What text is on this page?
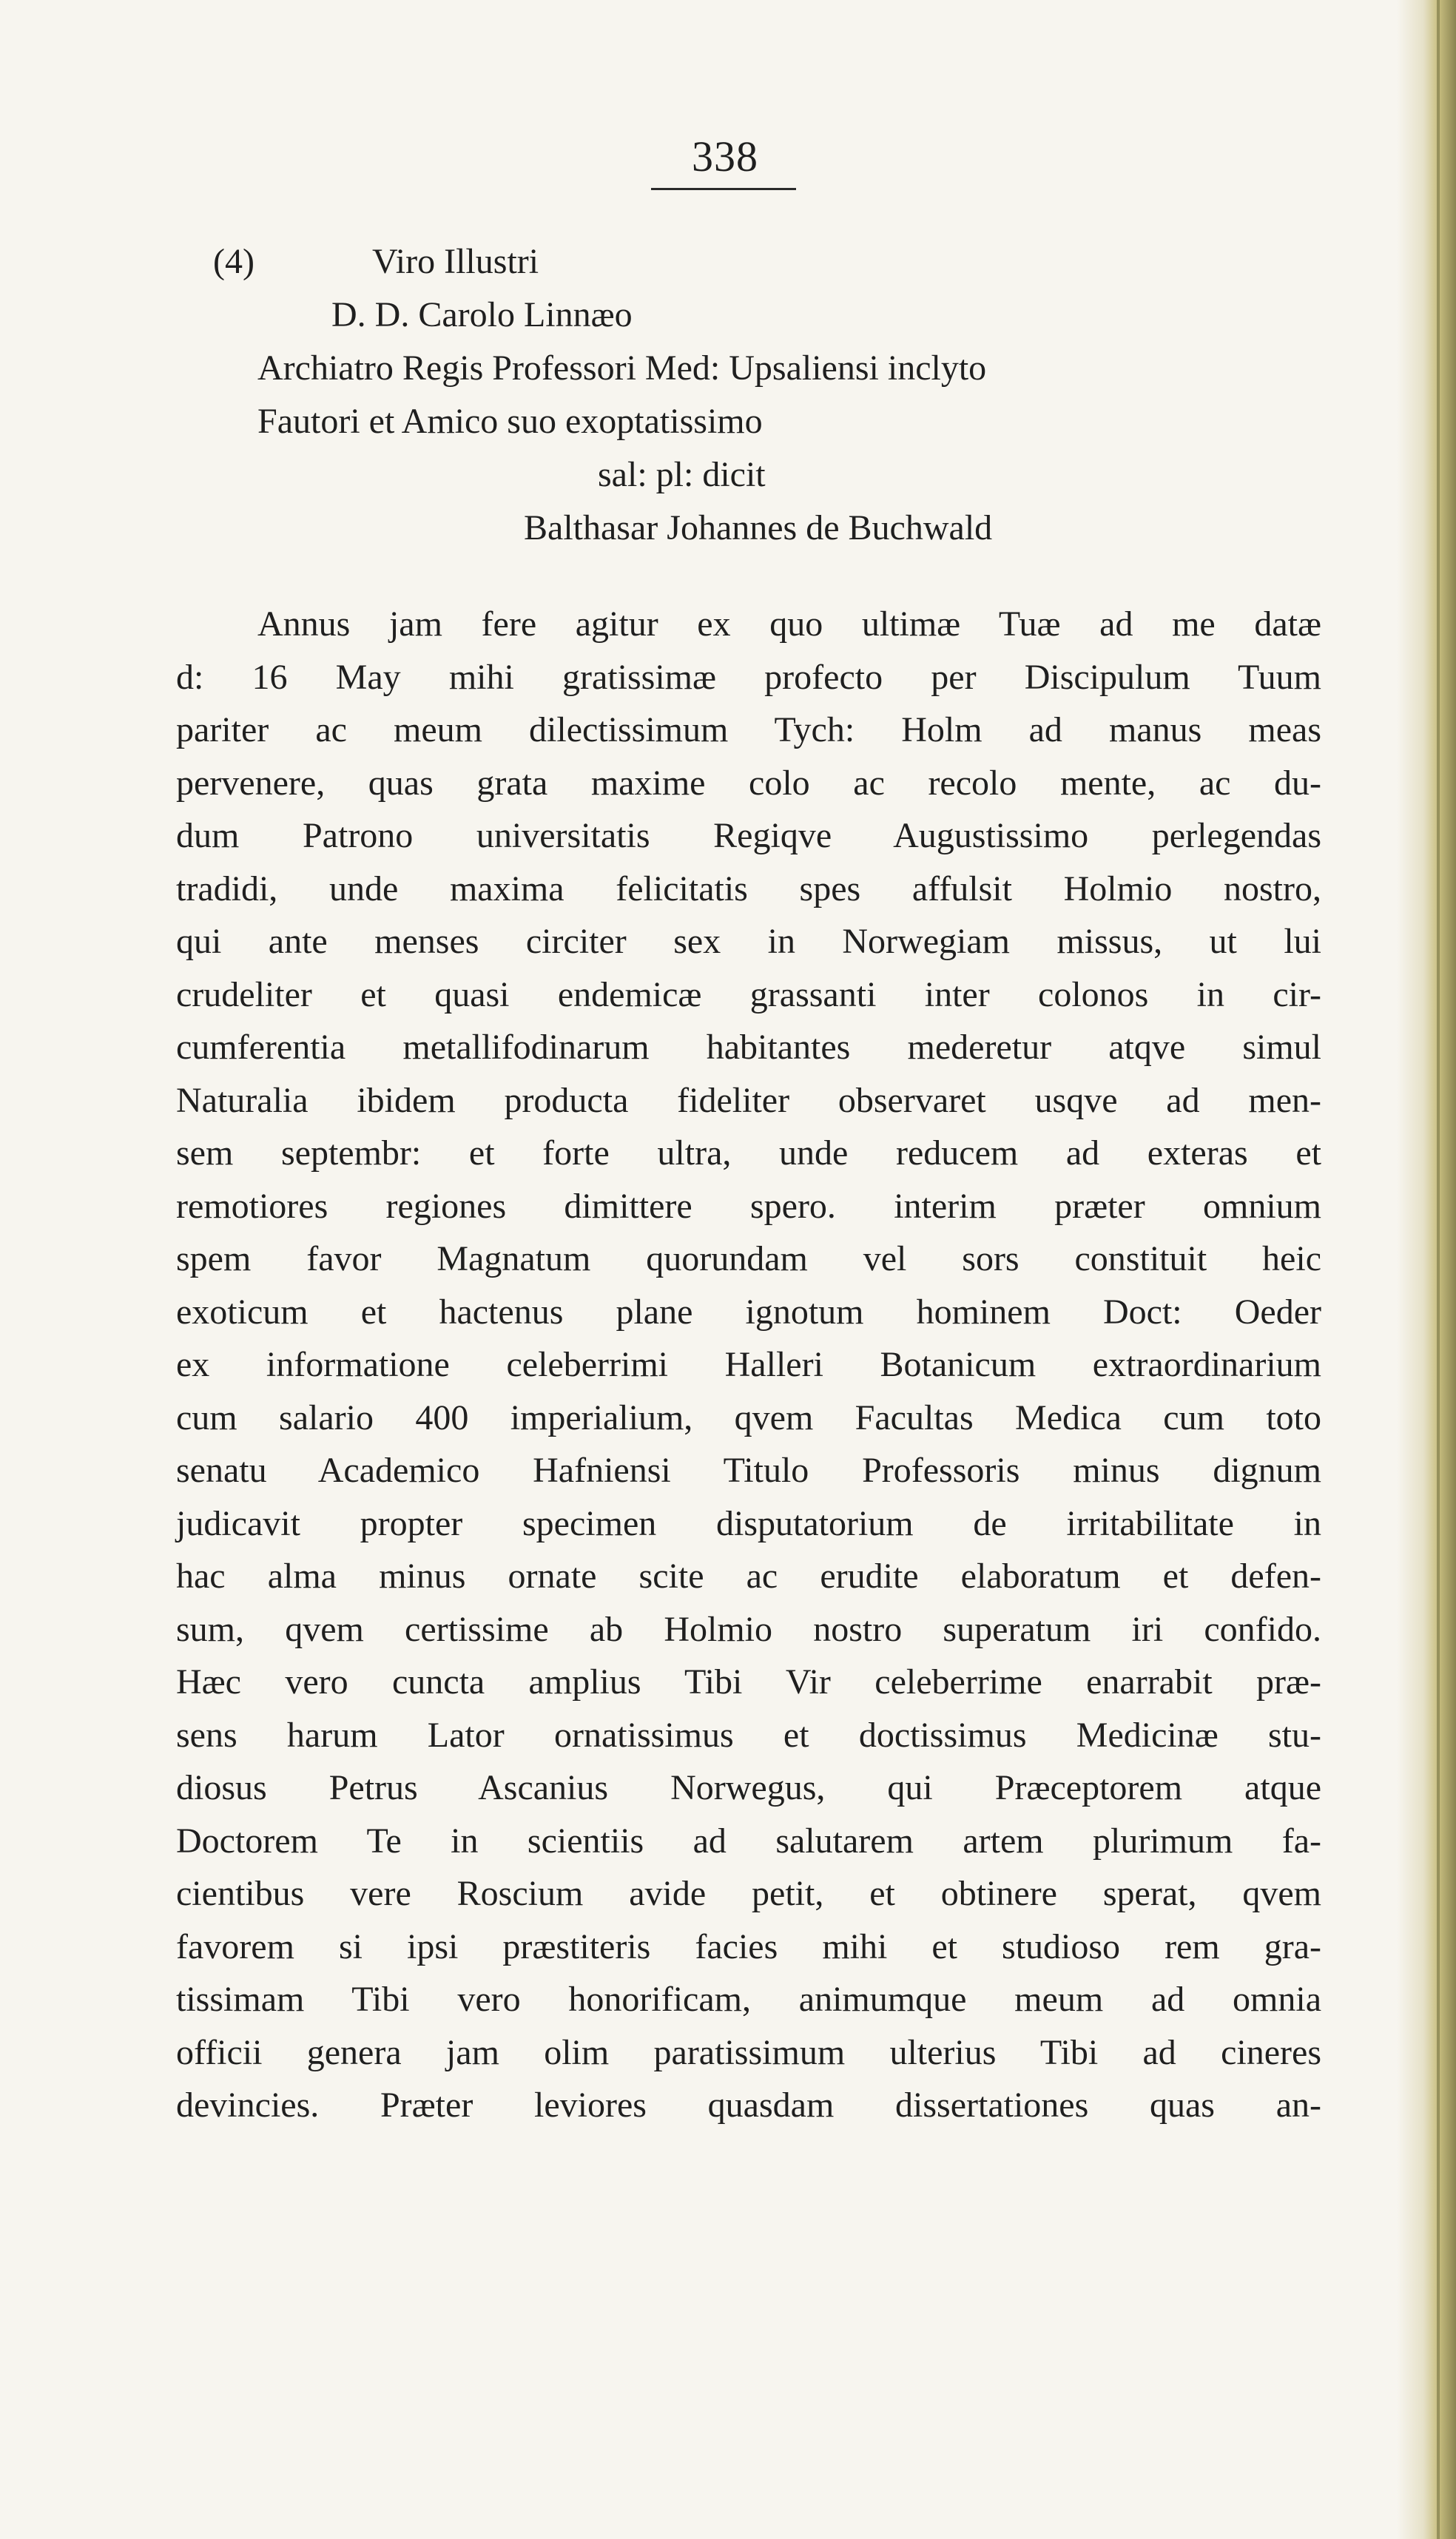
338
(4)	Viro Illustri
D. D. Carolo Linnæo
Archiatro Regis Professori Med: Upsaliensi inclyto
Fautori et Amico suo exoptatissimo
sal: pl: dicit
Balthasar Johannes de Buchwald
Annus jam fere agitur ex quo ultimæ Tuæ ad me datæ
d: 16 May mihi gratissimæ profecto per Discipulum Tuum
pariter ac meum dilectissimum Tych: Holm ad manus meas
pervenere, quas grata maxime colo ac recolo mente, ac du-
dum Patrono universitatis Regiqve Augustissimo perlegendas
tradidi, unde maxima felicitatis spes affulsit Holmio nostro,
qui ante menses circiter sex in Norwegiam missus, ut lui
crudeliter et quasi endemicæ grassanti inter colonos in cir-
cumferentia metallifodinarum habitantes mederetur atqve simul
Naturalia ibidem producta fideliter observaret usqve ad men-
sem septembr: et forte ultra, unde reducem ad exteras et
remotiores regiones dimittere spero. interim præter omnium
spem favor Magnatum quorundam vel sors constituit heic
exoticum et hactenus plane ignotum hominem Doct: Oeder
ex informatione celeberrimi Halleri Botanicum extraordinarium
cum salario 400 imperialium, qvem Facultas Medica cum toto
senatu Academico Hafniensi Titulo Professoris minus dignum
judicavit propter specimen disputatorium de irritabilitate in
hac alma minus ornate scite ac erudite elaboratum et defen-
sum, qvem certissime ab Holmio nostro superatum iri confido.
Hæc vero cuncta amplius Tibi Vir celeberrime enarrabit præ-
sens harum Lator ornatissimus et doctissimus Medicinæ stu-
diosus Petrus Ascanius Norwegus, qui Præceptorem atque
Doctorem Te in scientiis ad salutarem artem plurimum fa-
cientibus vere Roscium avide petit, et obtinere sperat, qvem
favorem si ipsi præstiteris facies mihi et studioso rem gra-
tissimam Tibi vero honorificam, animumque meum ad omnia
officii genera jam olim paratissimum ulterius Tibi ad cineres
devincies. Præter leviores quasdam dissertationes quas an-
